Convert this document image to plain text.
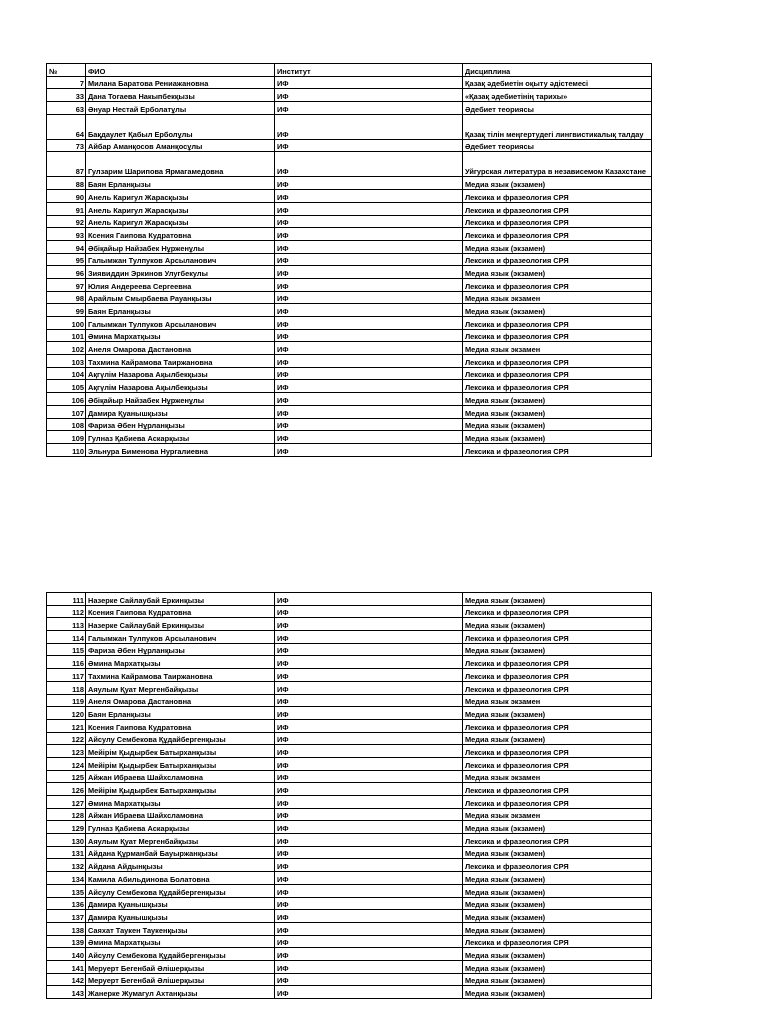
№	ФИО	Институт	Дисциплина
7	Милана Баратова Рениажановна	ИФ	Қазақ әдебиетін оқыту әдістемесі
33	Дана Тогаева Накыпбекқызы	ИФ	«Қазақ әдебиетінің тарихы»
63	Әнуар Нестай Ерболатұлы	ИФ	Әдебиет теориясы
64	Бақдаулет Қабыл Ерболұлы	ИФ	Қазақ тілін меңгертудегі лингвистикалық талдау
73	Айбар Аманқосов Аманқосұлы	ИФ	Әдебиет теориясы
87	Гулзарим Шарипова Ярмагамедовна	ИФ	Уйгурская литература в независемом Казахстане
88	Баян Ерланқызы	ИФ	Медиа язык (экзамен)
90	Анель Каригул Жарасқызы	ИФ	Лексика и фразеология СРЯ
91	Анель Каригул Жарасқызы	ИФ	Лексика и фразеология СРЯ
92	Анель Каригул Жарасқызы	ИФ	Лексика и фразеология СРЯ
93	Ксения Гаипова Кудратовна	ИФ	Лексика и фразеология СРЯ
94	Әбіқайыр Найзабек Нұрженұлы	ИФ	Медиа язык (экзамен)
95	Галымжан Тулпуков Арсыланович	ИФ	Лексика и фразеология СРЯ
96	Зиявиддин Эркинов Улугбекулы	ИФ	Медиа язык (экзамен)
97	Юлия Андереева Сергеевна	ИФ	Лексика и фразеология СРЯ
98	Арайлым Смырбаева Рауанқызы	ИФ	Медиа язык экзамен
99	Баян Ерланқызы	ИФ	Медиа язык (экзамен)
100	Галымжан Тулпуков Арсыланович	ИФ	Лексика и фразеология СРЯ
101	Әмина Мархатқызы	ИФ	Лексика и фразеология СРЯ
102	Анеля Омарова Дастановна	ИФ	Медиа язык экзамен
103	Тахмина Кайрамова Таиржановна	ИФ	Лексика и фразеология СРЯ
104	Ақгүлім Назарова Ақылбекқызы	ИФ	Лексика и фразеология СРЯ
105	Ақгүлім Назарова Ақылбекқызы	ИФ	Лексика и фразеология СРЯ
106	Әбіқайыр Найзабек Нұрженұлы	ИФ	Медиа язык (экзамен)
107	Дамира Қуанышқызы	ИФ	Медиа язык (экзамен)
108	Фариза Әбен Нұрланқызы	ИФ	Медиа язык (экзамен)
109	Гулназ Қабиева Аскарқызы	ИФ	Медиа язык (экзамен)
110	Эльнура Бименова Нургалиевна	ИФ	Лексика и фразеология СРЯ
111	Назерке Сайлаубай Еркинқызы	ИФ	Медиа язык (экзамен)
112	Ксения Гаипова Кудратовна	ИФ	Лексика и фразеология СРЯ
113	Назерке Сайлаубай Еркинқызы	ИФ	Медиа язык (экзамен)
114	Галымжан Тулпуков Арсыланович	ИФ	Лексика и фразеология СРЯ
115	Фариза Әбен Нұрланқызы	ИФ	Медиа язык (экзамен)
116	Әмина Мархатқызы	ИФ	Лексика и фразеология СРЯ
117	Тахмина Кайрамова Таиржановна	ИФ	Лексика и фразеология СРЯ
118	Аяулым Қуат Мергенбайқызы	ИФ	Лексика и фразеология СРЯ
119	Анеля Омарова Дастановна	ИФ	Медиа язык экзамен
120	Баян Ерланқызы	ИФ	Медиа язык (экзамен)
121	Ксения Гаипова Кудратовна	ИФ	Лексика и фразеология СРЯ
122	Айсулу Сембекова Құдайбергенқызы	ИФ	Медиа язык (экзамен)
123	Мейірім Қыдырбек Батырханқызы	ИФ	Лексика и фразеология СРЯ
124	Мейірім Қыдырбек Батырханқызы	ИФ	Лексика и фразеология СРЯ
125	Айжан Ибраева Шайхсламовна	ИФ	Медиа язык экзамен
126	Мейірім Қыдырбек Батырханқызы	ИФ	Лексика и фразеология СРЯ
127	Әмина Мархатқызы	ИФ	Лексика и фразеология СРЯ
128	Айжан Ибраева Шайхсламовна	ИФ	Медиа язык экзамен
129	Гулназ Қабиева Аскарқызы	ИФ	Медиа язык (экзамен)
130	Аяулым Қуат Мергенбайқызы	ИФ	Лексика и фразеология СРЯ
131	Айдана Құрманбай Бауыржанқызы	ИФ	Медиа язык (экзамен)
132	Айдана Айдынқызы	ИФ	Лексика и фразеология СРЯ
134	Камила Абильдинова Болатовна	ИФ	Медиа язык (экзамен)
135	Айсулу Сембекова Құдайбергенқызы	ИФ	Медиа язык (экзамен)
136	Дамира Қуанышқызы	ИФ	Медиа язык (экзамен)
137	Дамира Қуанышқызы	ИФ	Медиа язык (экзамен)
138	Саяхат Таукен Таукенқызы	ИФ	Медиа язык (экзамен)
139	Әмина Мархатқызы	ИФ	Лексика и фразеология СРЯ
140	Айсулу Сембекова Құдайбергенқызы	ИФ	Медиа язык (экзамен)
141	Меруерт Бегенбай Әлішерқызы	ИФ	Медиа язык (экзамен)
142	Меруерт Бегенбай Әлішерқызы	ИФ	Медиа язык (экзамен)
143	Жанерке Жумагул Ахтанқызы	ИФ	Медиа язык (экзамен)
